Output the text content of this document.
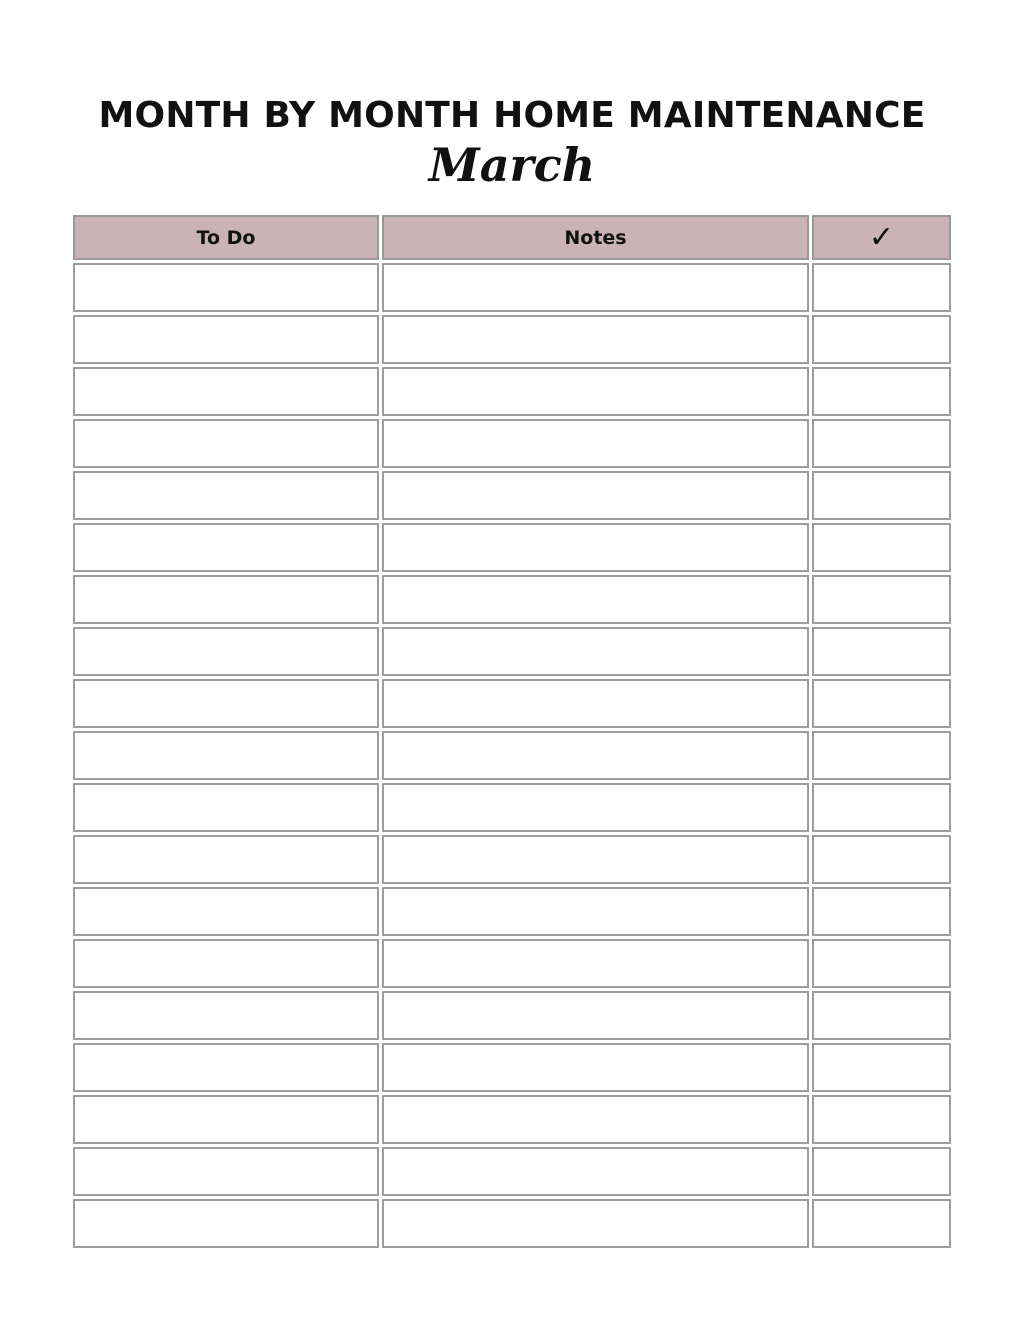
MONTH BY MONTH HOME MAINTENANCE
March
To Do	Notes	✓
